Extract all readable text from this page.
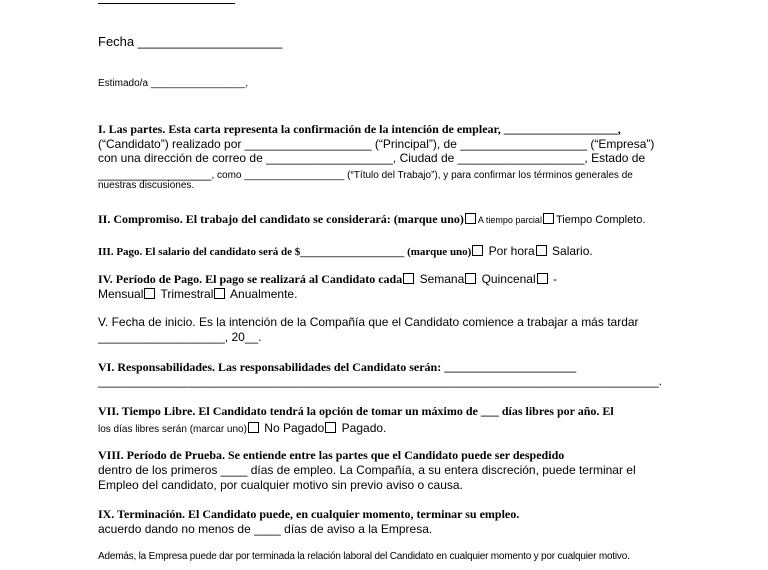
Fecha ____________________
Estimado/a _________________,
I. Las partes. Esta carta representa la confirmación de la intención de emplear, ___________________,
(“Candidato”) realizado por ___________________ (“Principal”), de ___________________ (“Empresa”)
con una dirección de correo de ___________________, Ciudad de ___________________, Estado de
_________________, como __________________ (“Título del Trabajo”), y para confirmar los términos generales de
nuestras discusiones.
II. Compromiso. El trabajo del candidato se considerará: (marque uno) A tiempo parcial Tiempo Completo.
III. Pago. El salario del candidato será de $_________________ (marque uno) Por hora Salario.
IV. Período de Pago. El pago se realizará al Candidato cada Semana Quincenal -
Mensual Trimestral Anualmente.
V. Fecha de inicio. Es la intención de la Compañía que el Candidato comience a trabajar a más tardar
___________________, 20__.
VI. Responsabilidades. Las responsabilidades del Candidato serán: ______________________
____________________________________________________________________________________.
VII. Tiempo Libre. El Candidato tendrá la opción de tomar un máximo de ___ días libres por año. El
los días libres serán (marcar uno) No Pagado Pagado.
VIII. Período de Prueba. Se entiende entre las partes que el Candidato puede ser despedido
dentro de los primeros ____ días de empleo. La Compañía, a su entera discreción, puede terminar el
Empleo del candidato, por cualquier motivo sin previo aviso o causa.
IX. Terminación. El Candidato puede, en cualquier momento, terminar su empleo.
acuerdo dando no menos de ____ días de aviso a la Empresa.
Además, la Empresa puede dar por terminada la relación laboral del Candidato en cualquier momento y por cualquier motivo.
